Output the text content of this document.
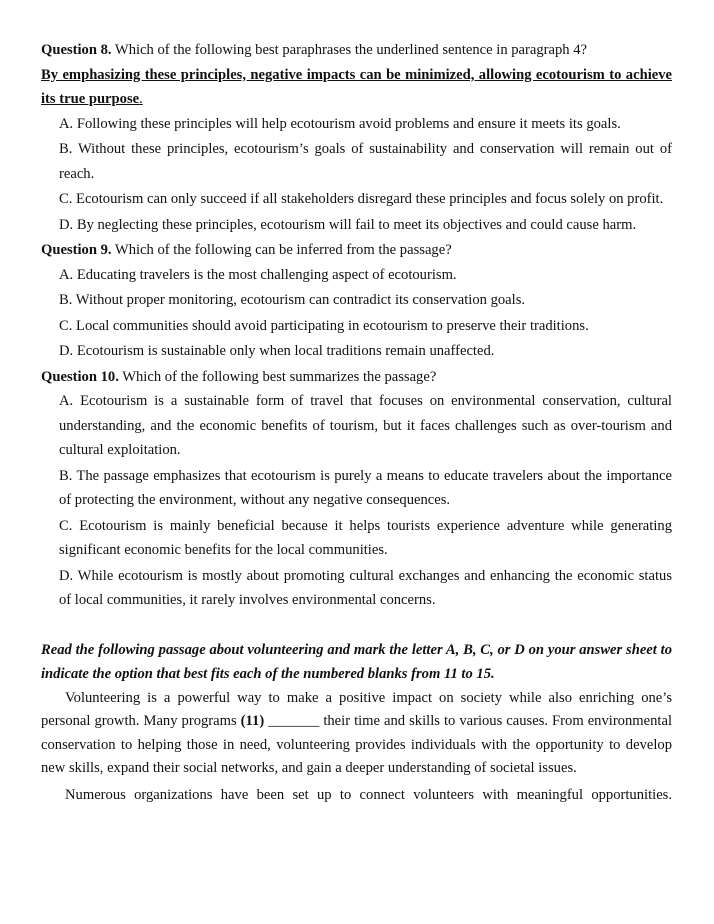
Question 8. Which of the following best paraphrases the underlined sentence in paragraph 4?
By emphasizing these principles, negative impacts can be minimized, allowing ecotourism to achieve its true purpose.
A. Following these principles will help ecotourism avoid problems and ensure it meets its goals.
B. Without these principles, ecotourism’s goals of sustainability and conservation will remain out of reach.
C. Ecotourism can only succeed if all stakeholders disregard these principles and focus solely on profit.
D. By neglecting these principles, ecotourism will fail to meet its objectives and could cause harm.
Question 9. Which of the following can be inferred from the passage?
A. Educating travelers is the most challenging aspect of ecotourism.
B. Without proper monitoring, ecotourism can contradict its conservation goals.
C. Local communities should avoid participating in ecotourism to preserve their traditions.
D. Ecotourism is sustainable only when local traditions remain unaffected.
Question 10. Which of the following best summarizes the passage?
A. Ecotourism is a sustainable form of travel that focuses on environmental conservation, cultural understanding, and the economic benefits of tourism, but it faces challenges such as over-tourism and cultural exploitation.
B. The passage emphasizes that ecotourism is purely a means to educate travelers about the importance of protecting the environment, without any negative consequences.
C. Ecotourism is mainly beneficial because it helps tourists experience adventure while generating significant economic benefits for the local communities.
D. While ecotourism is mostly about promoting cultural exchanges and enhancing the economic status of local communities, it rarely involves environmental concerns.
Read the following passage about volunteering and mark the letter A, B, C, or D on your answer sheet to indicate the option that best fits each of the numbered blanks from 11 to 15.
Volunteering is a powerful way to make a positive impact on society while also enriching one’s personal growth. Many programs (11) _______ their time and skills to various causes. From environmental conservation to helping those in need, volunteering provides individuals with the opportunity to develop new skills, expand their social networks, and gain a deeper understanding of societal issues.
Numerous organizations have been set up to connect volunteers with meaningful opportunities.
